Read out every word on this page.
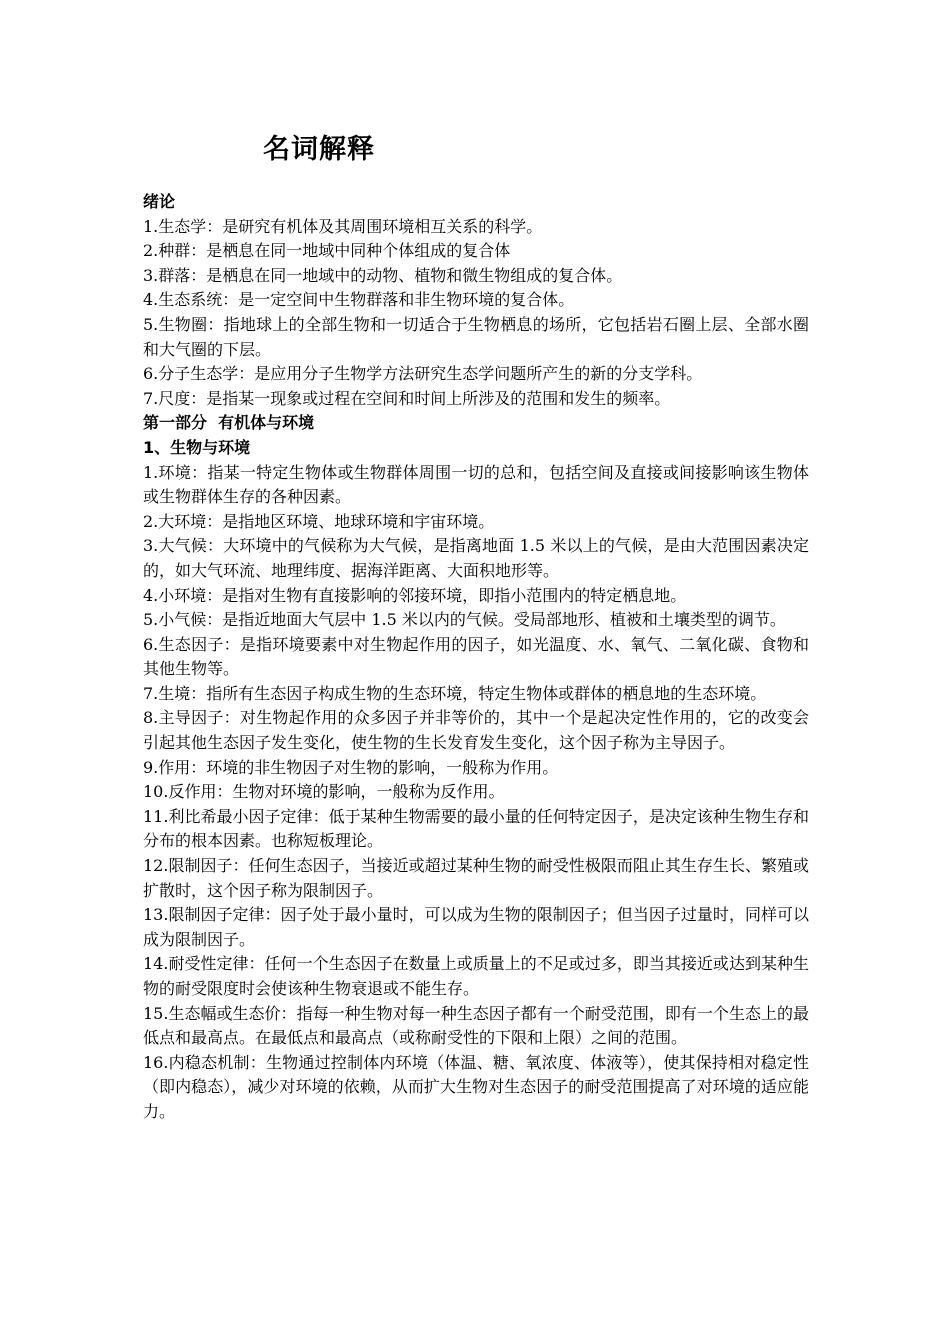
名词解释
绪论
1.生态学：是研究有机体及其周围环境相互关系的科学。
2.种群：是栖息在同一地域中同种个体组成的复合体
3.群落：是栖息在同一地域中的动物、植物和微生物组成的复合体。
4.生态系统：是一定空间中生物群落和非生物环境的复合体。
5.生物圈：指地球上的全部生物和一切适合于生物栖息的场所，它包括岩石圈上层、全部水圈和大气圈的下层。
6.分子生态学：是应用分子生物学方法研究生态学问题所产生的新的分支学科。
7.尺度：是指某一现象或过程在空间和时间上所涉及的范围和发生的频率。
第一部分  有机体与环境
1、生物与环境
1.环境：指某一特定生物体或生物群体周围一切的总和，包括空间及直接或间接影响该生物体或生物群体生存的各种因素。
2.大环境：是指地区环境、地球环境和宇宙环境。
3.大气候：大环境中的气候称为大气候，是指离地面 1.5 米以上的气候，是由大范围因素决定的，如大气环流、地理纬度、据海洋距离、大面积地形等。
4.小环境：是指对生物有直接影响的邻接环境，即指小范围内的特定栖息地。
5.小气候：是指近地面大气层中 1.5 米以内的气候。受局部地形、植被和土壤类型的调节。
6.生态因子：是指环境要素中对生物起作用的因子，如光温度、水、氧气、二氧化碳、食物和其他生物等。
7.生境：指所有生态因子构成生物的生态环境，特定生物体或群体的栖息地的生态环境。
8.主导因子：对生物起作用的众多因子并非等价的，其中一个是起决定性作用的，它的改变会引起其他生态因子发生变化，使生物的生长发育发生变化，这个因子称为主导因子。
9.作用：环境的非生物因子对生物的影响，一般称为作用。
10.反作用：生物对环境的影响，一般称为反作用。
11.利比希最小因子定律：低于某种生物需要的最小量的任何特定因子，是决定该种生物生存和分布的根本因素。也称短板理论。
12.限制因子：任何生态因子，当接近或超过某种生物的耐受性极限而阻止其生存生长、繁殖或扩散时，这个因子称为限制因子。
13.限制因子定律：因子处于最小量时，可以成为生物的限制因子；但当因子过量时，同样可以成为限制因子。
14.耐受性定律：任何一个生态因子在数量上或质量上的不足或过多，即当其接近或达到某种生物的耐受限度时会使该种生物衰退或不能生存。
15.生态幅或生态价：指每一种生物对每一种生态因子都有一个耐受范围，即有一个生态上的最低点和最高点。在最低点和最高点（或称耐受性的下限和上限）之间的范围。
16.内稳态机制：生物通过控制体内环境（体温、糖、氧浓度、体液等），使其保持相对稳定性（即内稳态），减少对环境的依赖，从而扩大生物对生态因子的耐受范围提高了对环境的适应能力。
